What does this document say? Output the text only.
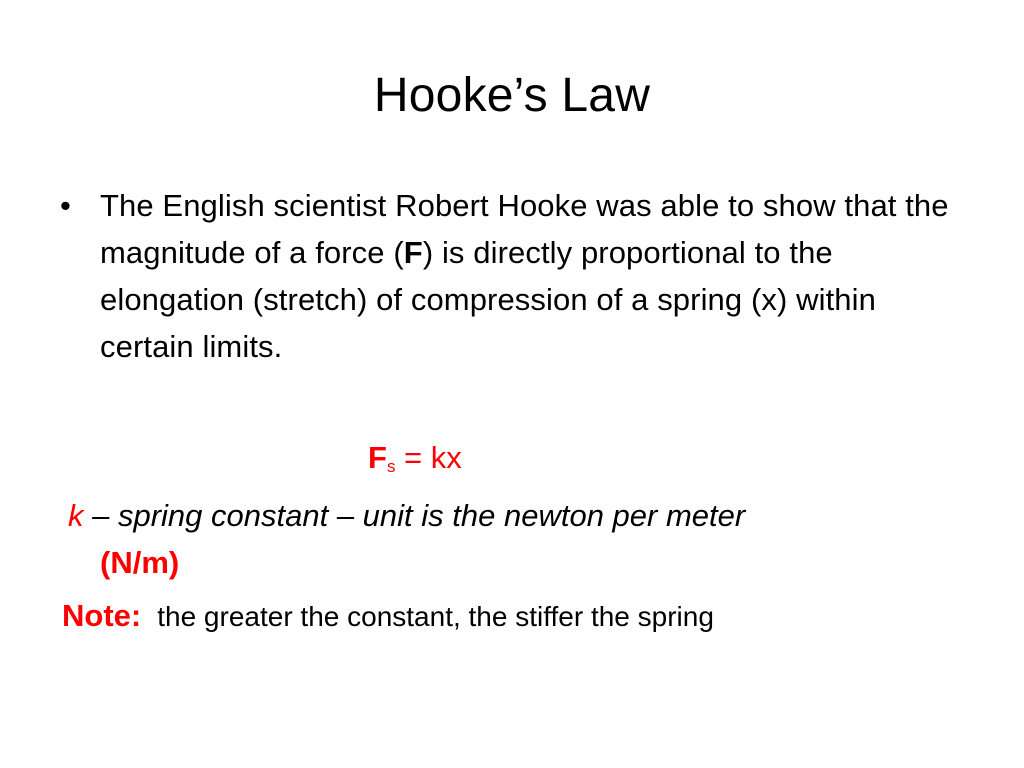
Hooke’s Law
• The English scientist Robert Hooke was able to show that the magnitude of a force (F) is directly proportional to the elongation (stretch) of compression of a spring (x) within certain limits.
$F_s$ = kx
k – spring constant – unit is the newton per meter
(N/m)
Note: the greater the constant, the stiffer the spring
